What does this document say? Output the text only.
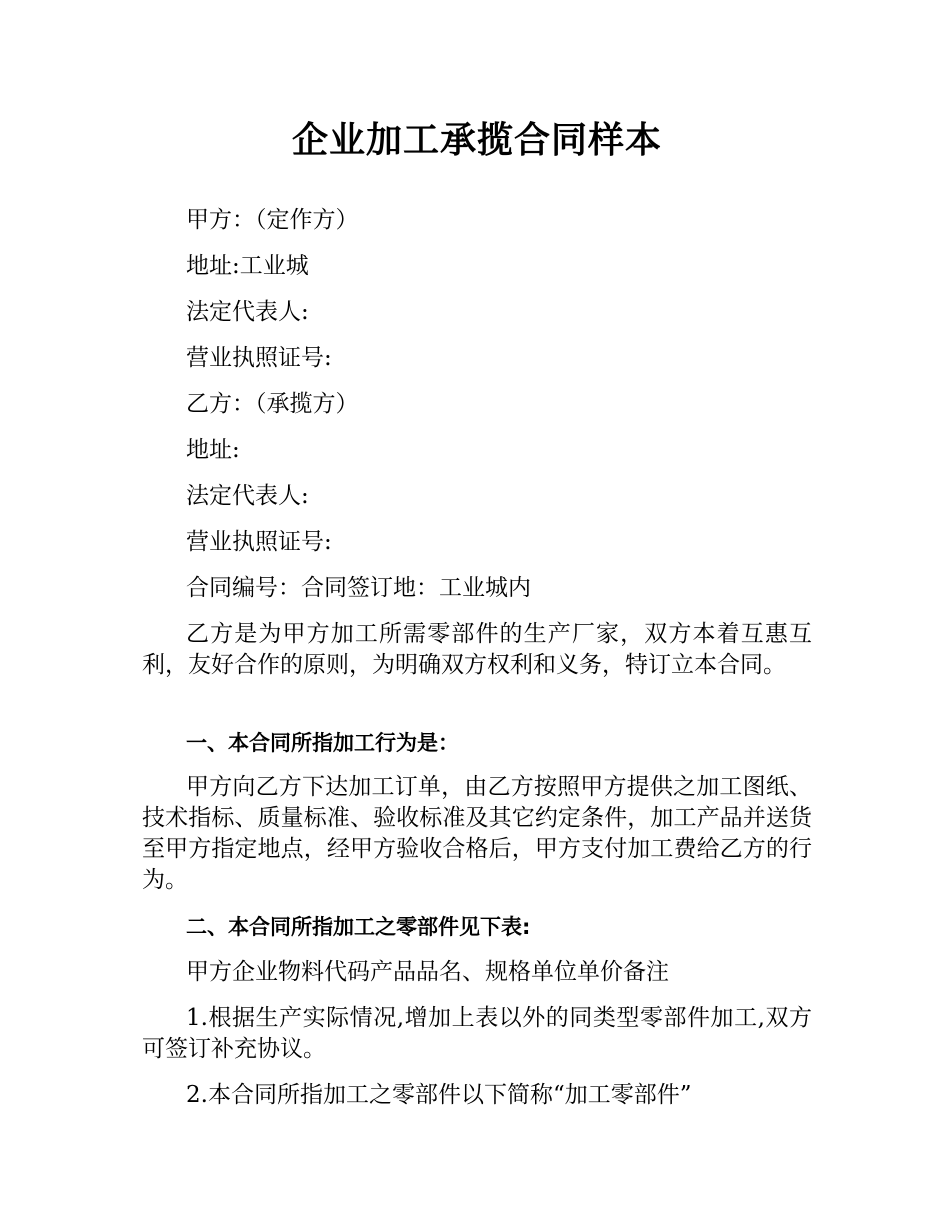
企业加工承揽合同样本
甲方：（定作方）
地址:工业城
法定代表人:
营业执照证号:
乙方：（承揽方）
地址:
法定代表人:
营业执照证号:
合同编号：合同签订地：工业城内
乙方是为甲方加工所需零部件的生产厂家，双方本着互惠互利，友好合作的原则，为明确双方权利和义务，特订立本合同。
一、本合同所指加工行为是：
甲方向乙方下达加工订单，由乙方按照甲方提供之加工图纸、技术指标、质量标准、验收标准及其它约定条件，加工产品并送货至甲方指定地点，经甲方验收合格后，甲方支付加工费给乙方的行为。
二、本合同所指加工之零部件见下表:
甲方企业物料代码产品品名、规格单位单价备注
1.根据生产实际情况,增加上表以外的同类型零部件加工,双方可签订补充协议。
2.本合同所指加工之零部件以下简称“加工零部件”
